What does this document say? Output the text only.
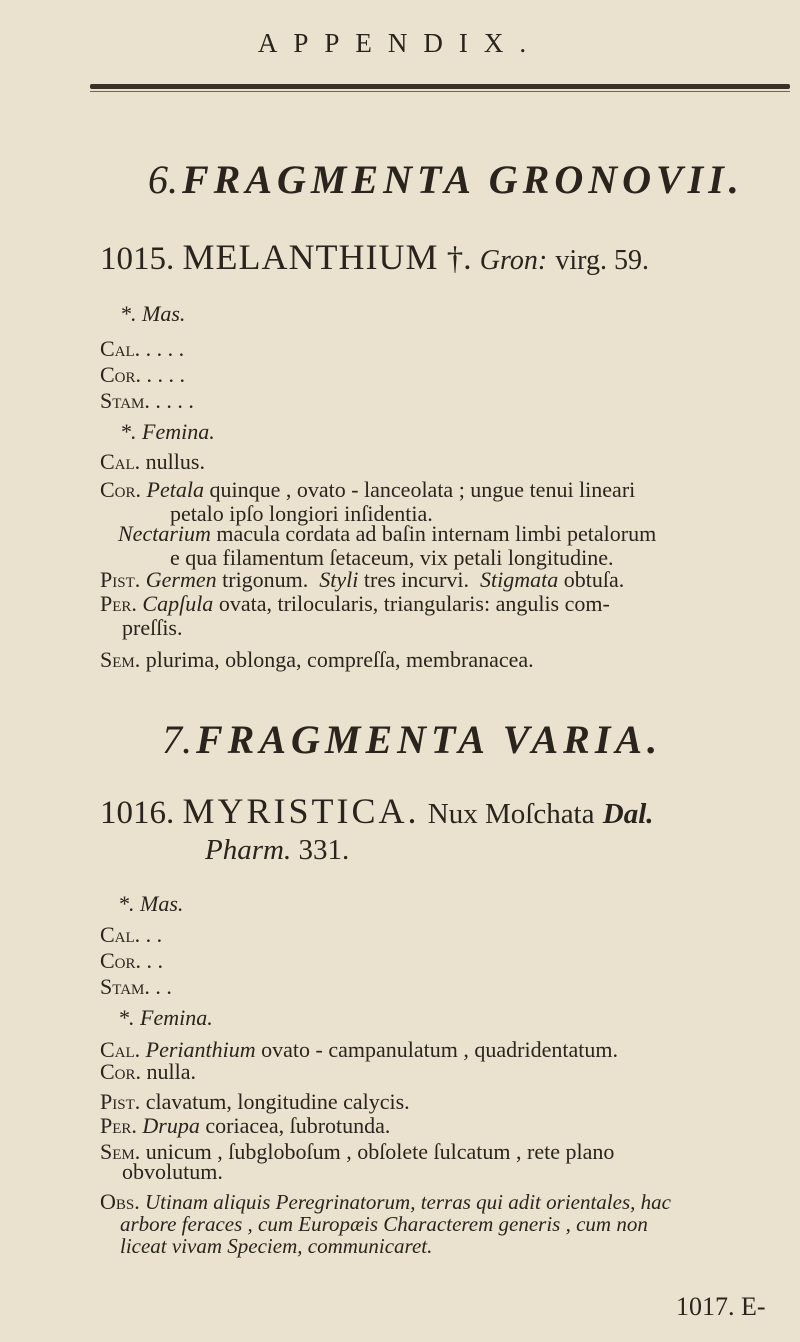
APPENDIX.
6. FRAGMENTA GRONOVII.
1015. MELANTHIUM †. Gron: virg. 59.
*. Mas.
Cal. . . . .
Cor. . . . .
Stam. . . . .
*. Femina.
Cal. nullus.
Cor. Petala quinque , ovato - lanceolata ; ungue tenui lineari
petalo ipſo longiori inſidentia.
Nectarium macula cordata ad baſin internam limbi petalorum
e qua filamentum ſetaceum, vix petali longitudine.
Pist. Germen trigonum. Styli tres incurvi. Stigmata obtuſa.
Per. Capſula ovata, trilocularis, triangularis: angulis com-
preſſis.
Sem. plurima, oblonga, compreſſa, membranacea.
7. FRAGMENTA VARIA.
1016. MYRISTICA. Nux Moſchata Dal.
Pharm. 331.
*. Mas.
Cal. . .
Cor. . .
Stam. . .
*. Femina.
Cal. Perianthium ovato - campanulatum , quadridentatum.
Cor. nulla.
Pist. clavatum, longitudine calycis.
Per. Drupa coriacea, ſubrotunda.
Sem. unicum , ſubgloboſum , obſolete ſulcatum , rete plano
obvolutum.
Obs. Utinam aliquis Peregrinatorum, terras qui adit orientales, hac
arbore feraces , cum Europæis Characterem generis , cum non
liceat vivam Speciem, communicaret.
1017. E-
